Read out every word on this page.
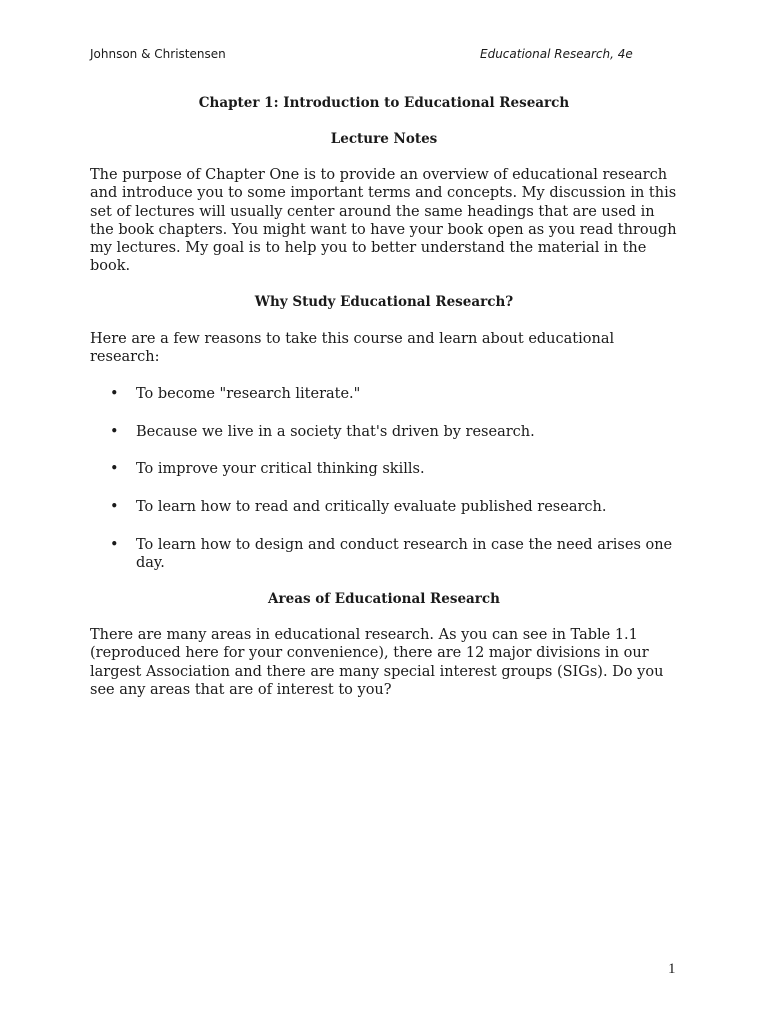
Johnson & Christensen	Educational Research, 4e
Chapter 1: Introduction to Educational Research
Lecture Notes
The purpose of Chapter One is to provide an overview of educational research and introduce you to some important terms and concepts. My discussion in this set of lectures will usually center around the same headings that are used in the book chapters. You might want to have your book open as you read through my lectures. My goal is to help you to better understand the material in the book.
Why Study Educational Research?
Here are a few reasons to take this course and learn about educational research:
•	To become "research literate."
•	Because we live in a society that's driven by research.
•	To improve your critical thinking skills.
•	To learn how to read and critically evaluate published research.
•	To learn how to design and conduct research in case the need arises one day.
Areas of Educational Research
There are many areas in educational research. As you can see in Table 1.1 (reproduced here for your convenience), there are 12 major divisions in our largest Association and there are many special interest groups (SIGs). Do you see any areas that are of interest to you?
1
